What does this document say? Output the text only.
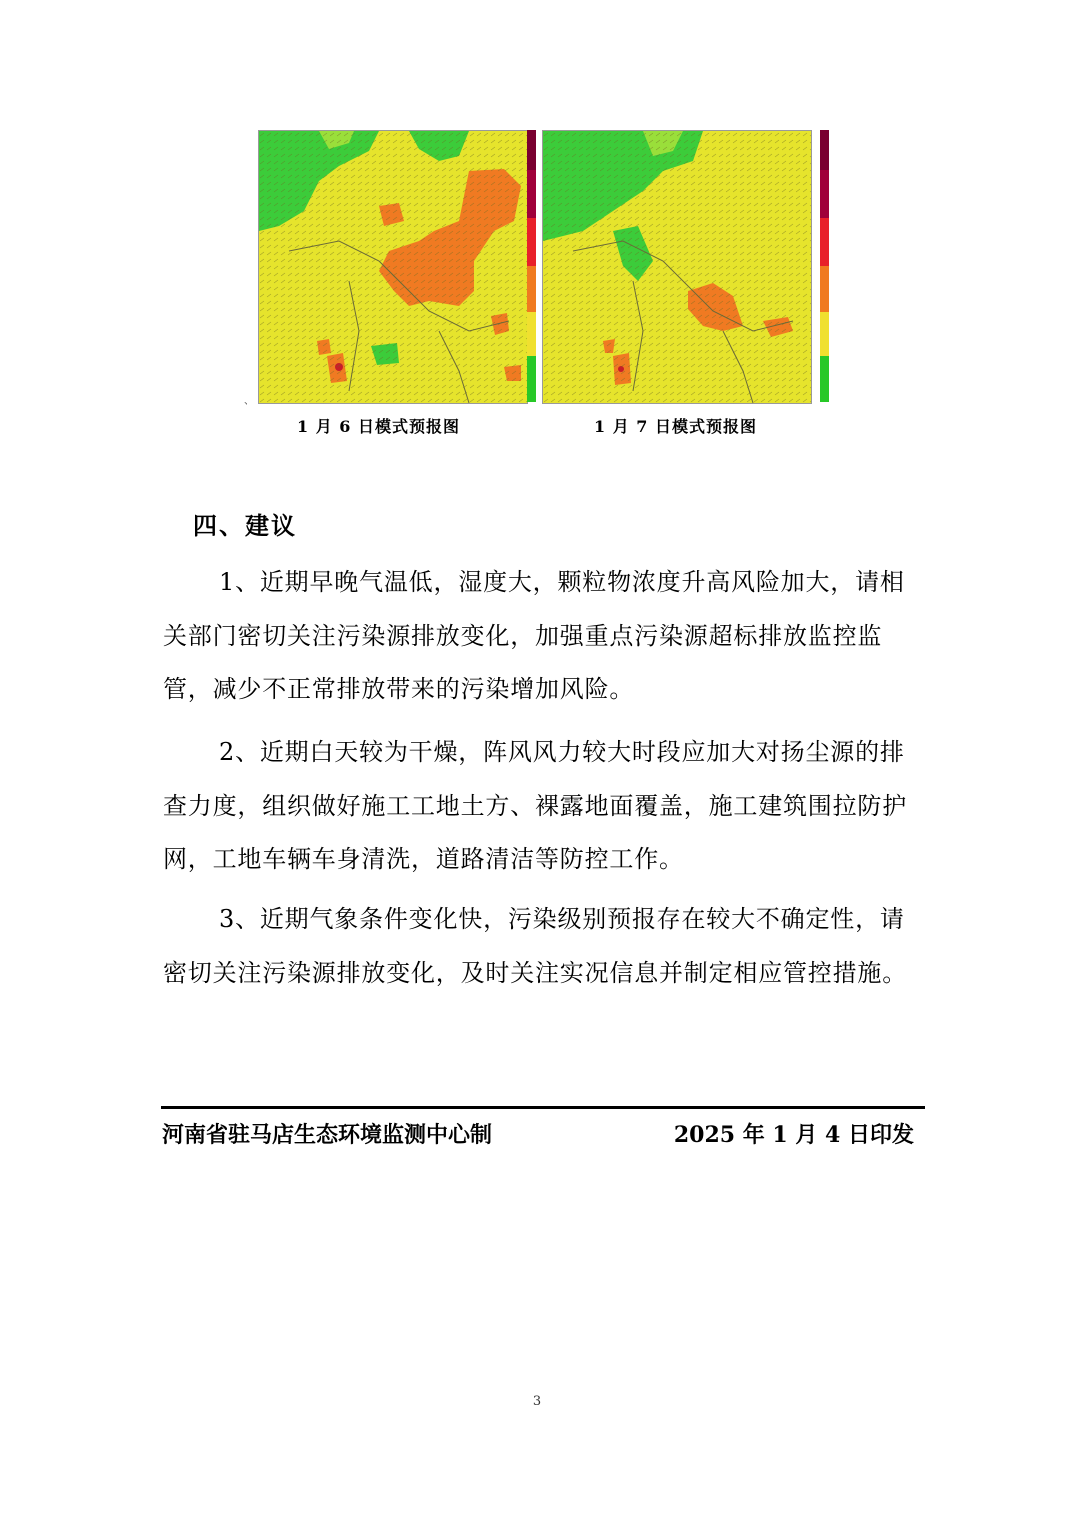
、
1 月 6 日模式预报图	1 月 7 日模式预报图
四、建议
1、近期早晚气温低，湿度大，颗粒物浓度升高风险加大，请相关部门密切关注污染源排放变化，加强重点污染源超标排放监控监管，减少不正常排放带来的污染增加风险。
2、近期白天较为干燥，阵风风力较大时段应加大对扬尘源的排查力度，组织做好施工工地土方、裸露地面覆盖，施工建筑围拉防护网，工地车辆车身清洗，道路清洁等防控工作。
3、近期气象条件变化快，污染级别预报存在较大不确定性，请密切关注污染源排放变化，及时关注实况信息并制定相应管控措施。
河南省驻马店生态环境监测中心制	2025 年 1 月 4 日印发
3
